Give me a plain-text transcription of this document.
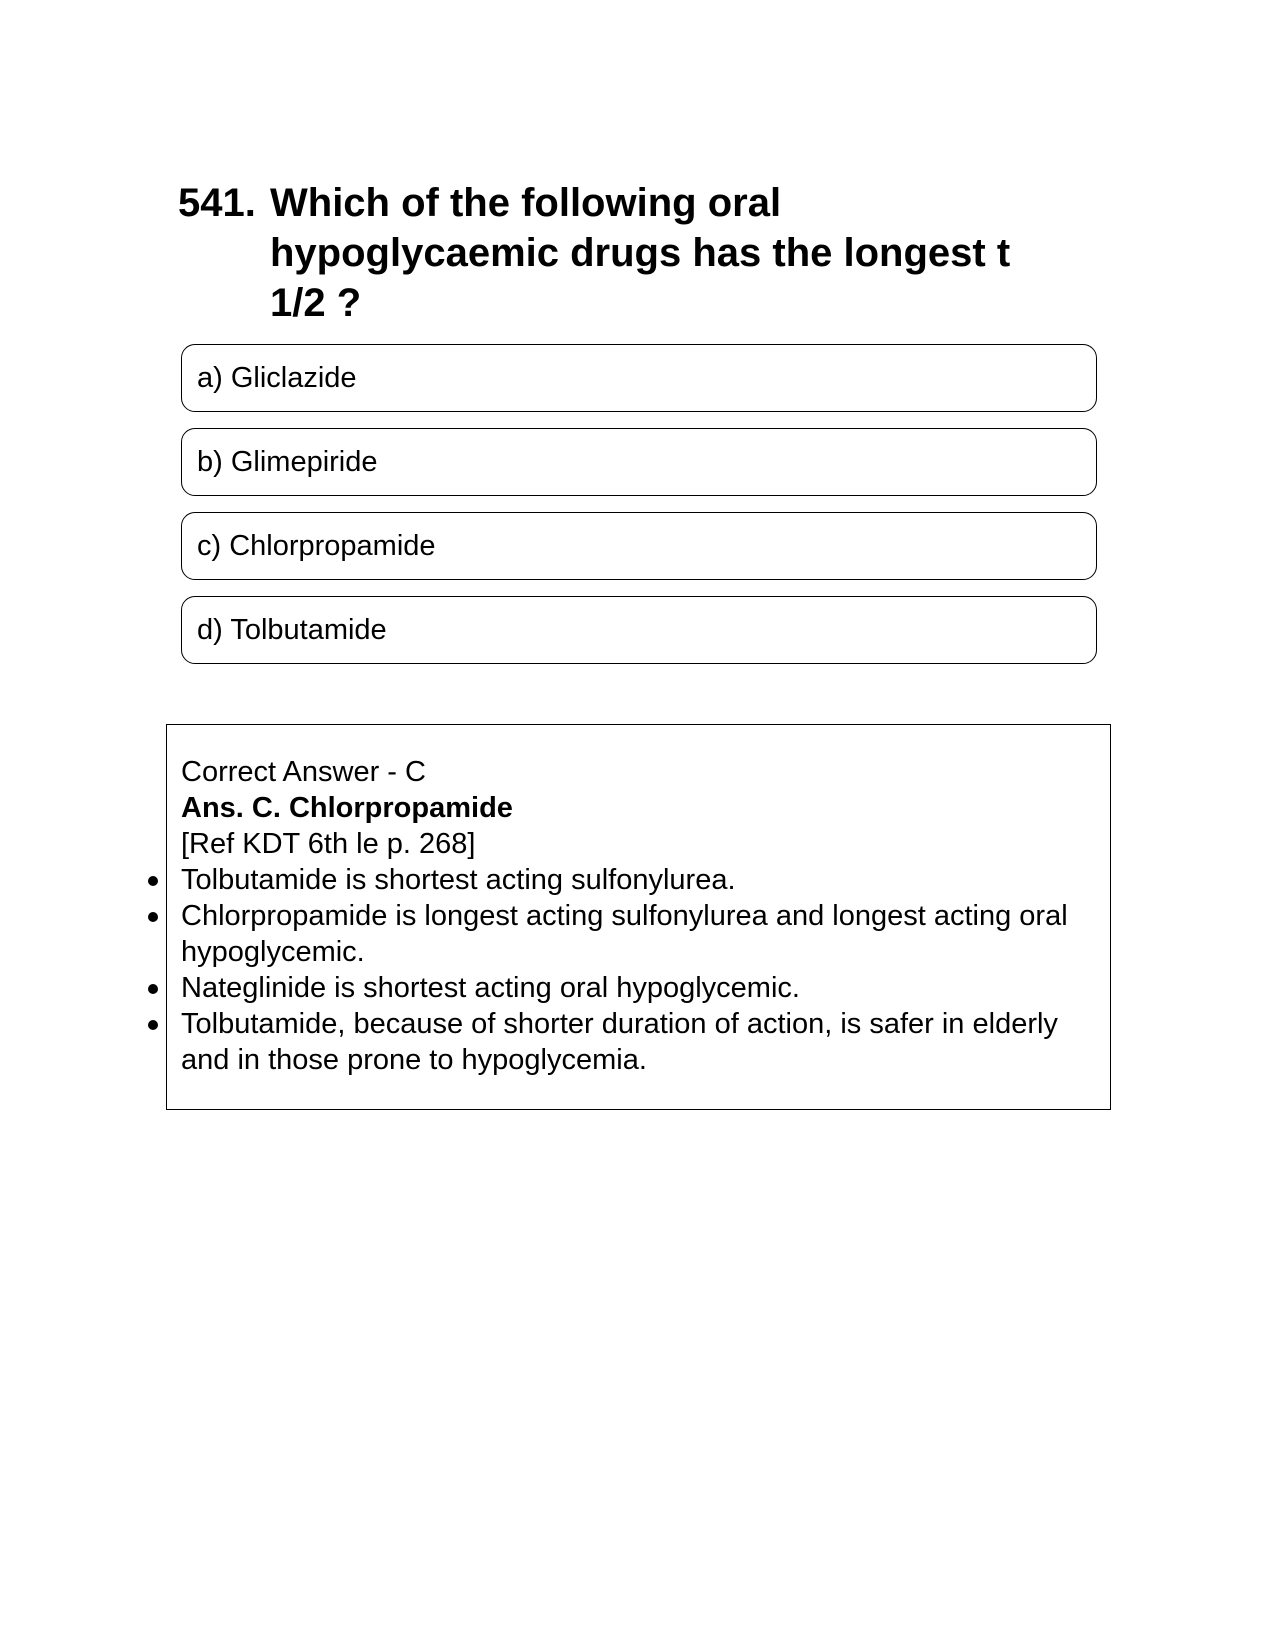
541. Which of the following oral hypoglycaemic drugs has the longest t 1/2 ?
a) Gliclazide
b) Glimepiride
c) Chlorpropamide
d) Tolbutamide
Correct Answer - C
Ans. C. Chlorpropamide
[Ref KDT 6th le p. 268]
Tolbutamide is shortest acting sulfonylurea.
Chlorpropamide is longest acting sulfonylurea and longest acting oral hypoglycemic.
Nateglinide is shortest acting oral hypoglycemic.
Tolbutamide, because of shorter duration of action, is safer in elderly and in those prone to hypoglycemia.
